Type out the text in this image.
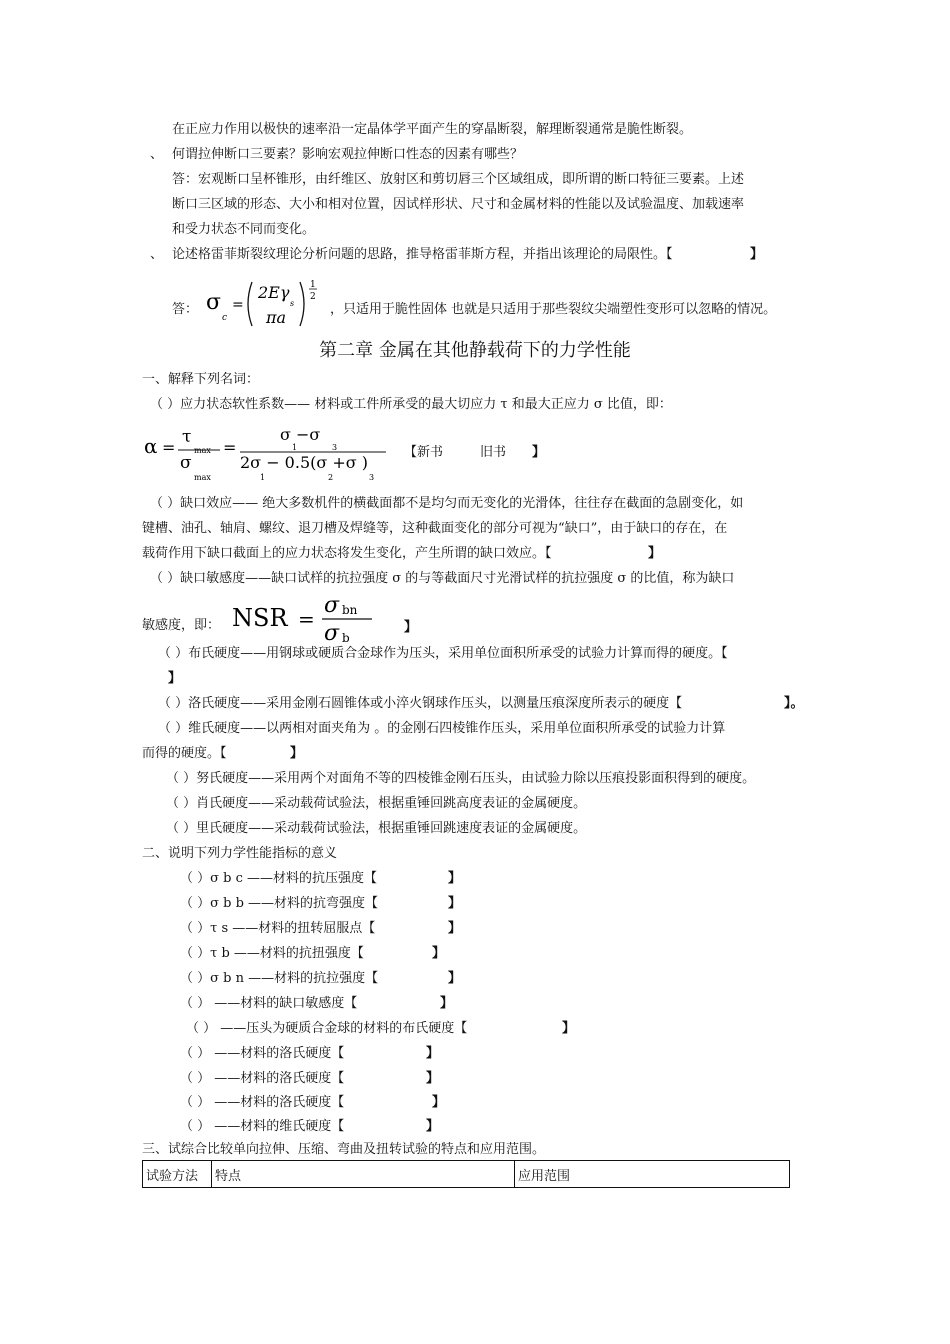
在正应力作用以极快的速率沿一定晶体学平面产生的穿晶断裂，解理断裂通常是脆性断裂。
、 何谓拉伸断口三要素？影响宏观拉伸断口性态的因素有哪些？
答：宏观断口呈杯锥形，由纤维区、放射区和剪切唇三个区域组成，即所谓的断口特征三要素。上述
断口三区域的形态、大小和相对位置，因试样形状、尺寸和金属材料的性能以及试验温度、加载速率
和受力状态不同而变化。
、 论述格雷菲斯裂纹理论分析问题的思路，推导格雷菲斯方程，并指出该理论的局限性。【	】
答： σ
c
=
2Eγ
s
πa
1
2
，只适用于脆性固体 也就是只适用于那些裂纹尖端塑性变形可以忽略的情况。
第二章 金属在其他静载荷下的力学性能
一、解释下列名词：
（ ）应力状态软性系数—— 材料或工件所承受的最大切应力 τ 和最大正应力 σ 比值，即：
α =
τ
max
σ
max
=
σ −σ
1	3
2σ − 0.5(σ +σ )
1	2	3
【新书	旧书 】
（ ）缺口效应—— 绝大多数机件的横截面都不是均匀而无变化的光滑体，往往存在截面的急剧变化，如
键槽、油孔、轴肩、螺纹、退刀槽及焊缝等，这种截面变化的部分可视为“缺口”，由于缺口的存在，在
载荷作用下缺口截面上的应力状态将发生变化，产生所谓的缺口效应。【	】
（ ）缺口敏感度——缺口试样的抗拉强度 σ 的与等截面尺寸光滑试样的抗拉强度 σ 的比值，称为缺口
敏感度，即： NSR =
σ bn
σ b
】
（ ）布氏硬度——用钢球或硬质合金球作为压头，采用单位面积所承受的试验力计算而得的硬度。【
】
（ ）洛氏硬度——采用金刚石圆锥体或小淬火钢球作压头，以测量压痕深度所表示的硬度【	】。
（ ）维氏硬度——以两相对面夹角为 。的金刚石四棱锥作压头，采用单位面积所承受的试验力计算
而得的硬度。【	】
（ ）努氏硬度——采用两个对面角不等的四棱锥金刚石压头，由试验力除以压痕投影面积得到的硬度。
（ ）肖氏硬度——采动载荷试验法，根据重锤回跳高度表证的金属硬度。
（ ）里氏硬度——采动载荷试验法，根据重锤回跳速度表证的金属硬度。
二、说明下列力学性能指标的意义
（ ）σ b c ——材料的抗压强度【	】
（ ）σ b b ——材料的抗弯强度【	】
（ ）τ s ——材料的扭转屈服点【	】
（ ）τ b ——材料的抗扭强度【	】
（ ）σ b n ——材料的抗拉强度【	】
（ ） ——材料的缺口敏感度【	】
（ ） ——压头为硬质合金球的材料的布氏硬度【	】
（ ） ——材料的洛氏硬度【	】
（ ） ——材料的洛氏硬度【	】
（ ） ——材料的洛氏硬度【	】
（ ） ——材料的维氏硬度【	】
三、试综合比较单向拉伸、压缩、弯曲及扭转试验的特点和应用范围。
试验方法	特点	应用范围
